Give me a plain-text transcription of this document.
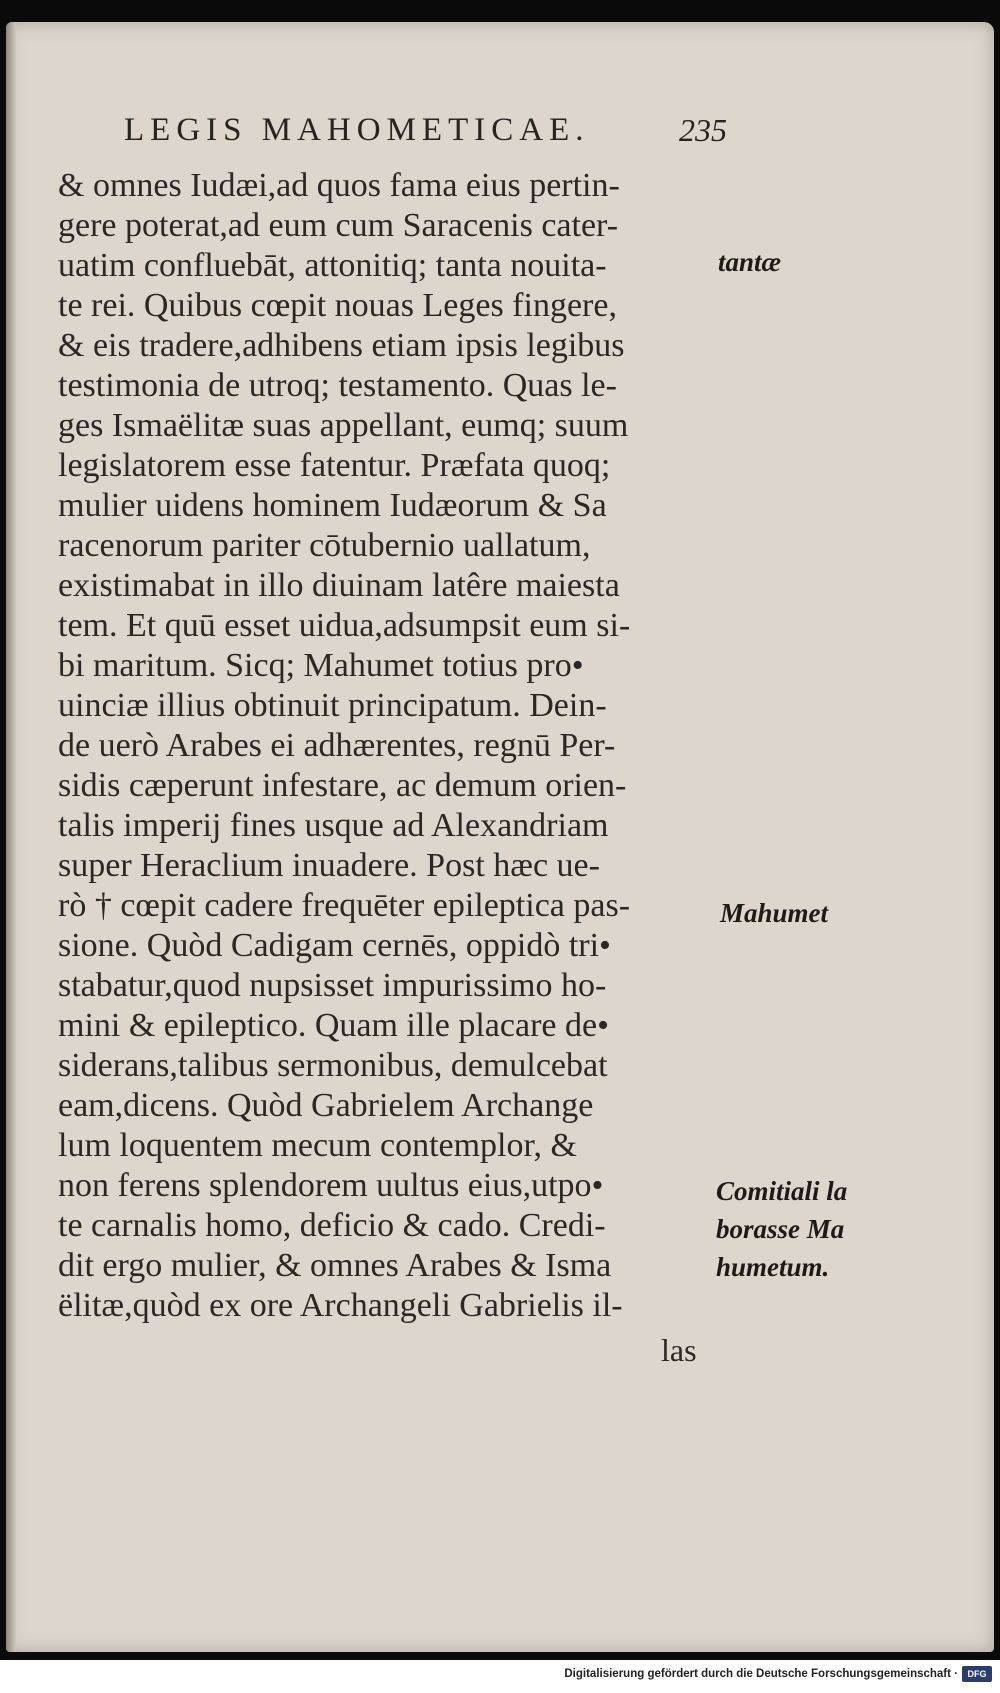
LEGIS MAHOMETICAE.	235
& omnes Iudæi,ad quos fama eius pertin-
gere poterat,ad eum cum Saracenis cater-
uatim confluebāt, attonitiq; tanta nouita-
te rei. Quibus cœpit nouas Leges fingere,
& eis tradere,adhibens etiam ipsis legibus
testimonia de utroq; testamento. Quas le-
ges Ismaëlitæ suas appellant, eumq; suum
legislatorem esse fatentur. Præfata quoq;
mulier uidens hominem Iudæorum & Sa
racenorum pariter cōtubernio uallatum,
existimabat in illo diuinam latêre maiesta
tem. Et quū esset uidua,adsumpsit eum si-
bi maritum. Sicq; Mahumet totius pro•
uinciæ illius obtinuit principatum. Dein-
de uerò Arabes ei adhærentes, regnū Per-
sidis cæperunt infestare, ac demum orien-
talis imperij fines usque ad Alexandriam
super Heraclium inuadere. Post hæc ue-
rò † cœpit cadere frequēter epileptica pas-
sione. Quòd Cadigam cernēs, oppidò tri•
stabatur,quod nupsisset impurissimo ho-
mini & epileptico. Quam ille placare de•
siderans,talibus sermonibus, demulcebat
eam,dicens. Quòd Gabrielem Archange
lum loquentem mecum contemplor, &
non ferens splendorem uultus eius,utpo•
te carnalis homo, deficio & cado. Credi-
dit ergo mulier, & omnes Arabes & Isma
ëlitæ,quòd ex ore Archangeli Gabrielis il-
las
tantæ
Mahumet
Comitiali la
borasse Ma
humetum.
Digitalisierung gefördert durch die Deutsche Forschungsgemeinschaft ·	DFG
